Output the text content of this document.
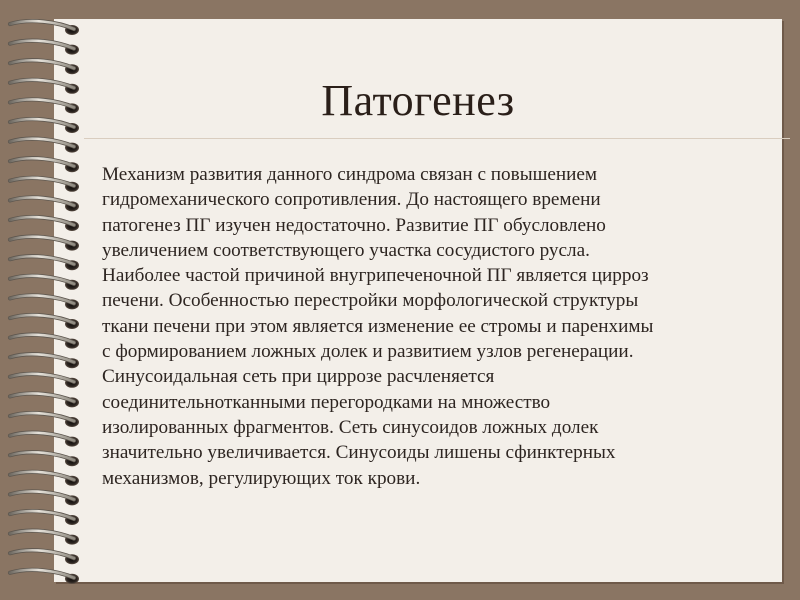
Патогенез
Механизм развития данного синдрома связан с повышением
гидромеханического сопротивления. До настоящего времени
патогенез ПГ изучен недостаточно. Развитие ПГ обусловлено
увеличением соответствующего участка сосудистого русла.
Наиболее частой причиной внугрипеченочной ПГ является цирроз
печени. Особенностью перестройки морфологической структуры
ткани печени при этом является изменение ее стромы и паренхимы
с формированием ложных долек и развитием узлов регенерации.
Синусоидальная сеть при циррозе расчленяется
соединительнотканными перегородками на множество
изолированных фрагментов. Сеть синусоидов ложных долек
значительно увеличивается. Синусоиды лишены сфинктерных
механизмов, регулирующих ток крови.
